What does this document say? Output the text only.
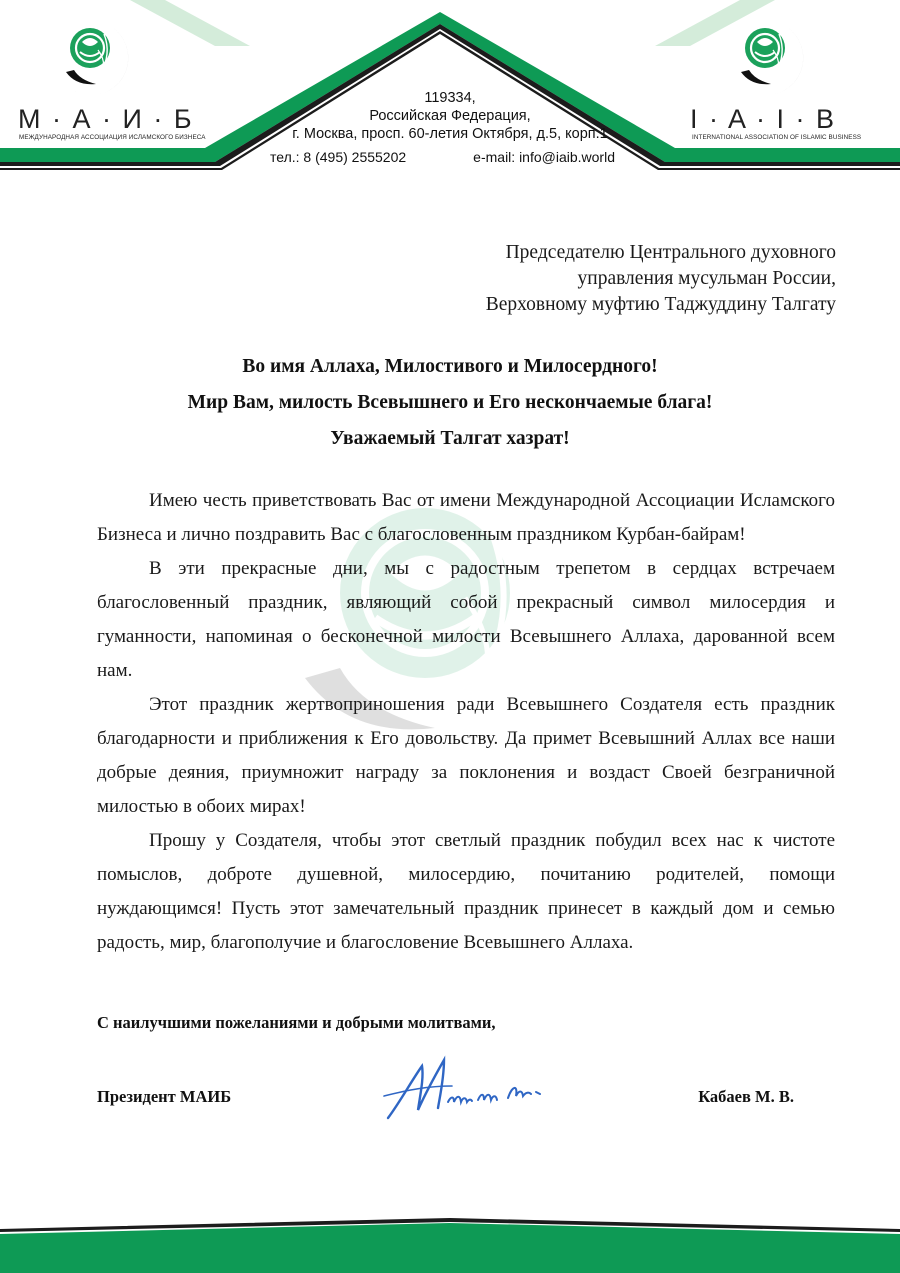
М · А · И · Б
МЕЖДУНАРОДНАЯ АССОЦИАЦИЯ ИСЛАМСКОГО БИЗНЕСА
I · A · I · B
INTERNATIONAL ASSOCIATION OF ISLAMIC BUSINESS
119334,
Российская Федерация,
г. Москва, просп. 60-летия Октября, д.5, корп.1
тел.: 8 (495) 2555202	e-mail: info@iaib.world
Председателю Центрального духовного
управления мусульман России,
Верховному муфтию Таджуддину Талгату
Во имя Аллаха, Милостивого и Милосердного!
Мир Вам, милость Всевышнего и Его нескончаемые блага!
Уважаемый Талгат хазрат!

Имею честь приветствовать Вас от имени Международной Ассоциации Исламского Бизнеса и лично поздравить Вас с благословенным праздником Курбан-байрам!

В эти прекрасные дни, мы с радостным трепетом в сердцах встречаем благословенный праздник, являющий собой прекрасный символ милосердия и гуманности, напоминая о бесконечной милости Всевышнего Аллаха, дарованной всем нам.

Этот праздник жертвоприношения ради Всевышнего Создателя есть праздник благодарности и приближения к Его довольству. Да примет Всевышний Аллах все наши добрые деяния, приумножит награду за поклонения и воздаст Своей безграничной милостью в обоих мирах!

Прошу у Создателя, чтобы этот светлый праздник побудил всех нас к чистоте помыслов, доброте душевной, милосердию, почитанию родителей, помощи нуждающимся! Пусть этот замечательный праздник принесет в каждый дом и семью радость, мир, благополучие и благословение Всевышнего Аллаха.

С наилучшими пожеланиями и добрыми молитвами,
Президент МАИБ	Кабаев М. В.
